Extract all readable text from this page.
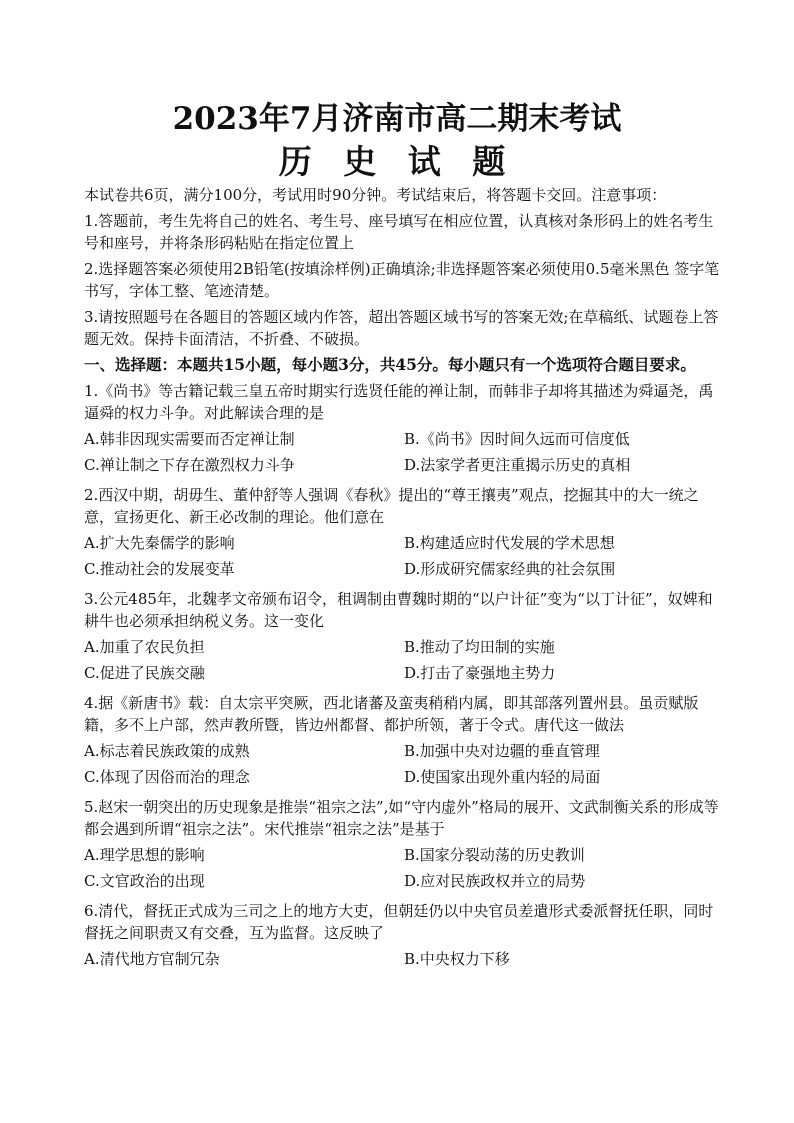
2023年7月济南市高二期末考试
历 史 试 题

本试卷共6页，满分100分，考试用时90分钟。考试结束后，将答题卡交回。注意事项：

1.答题前，考生先将自己的姓名、考生号、座号填写在相应位置，认真核对条形码上的姓名考生号和座号，并将条形码粘贴在指定位置上

2.选择题答案必须使用2B铅笔(按填涂样例)正确填涂;非选择题答案必须使用0.5毫米黑色 签字笔书写，字体工整、笔迹清楚。

3.请按照题号在各题目的答题区域内作答，超出答题区域书写的答案无效;在草稿纸、试题卷上答题无效。保持卡面清洁，不折叠、不破损。

一、选择题：本题共15小题，每小题3分，共45分。每小题只有一个选项符合题目要求。

1.《尚书》等古籍记载三皇五帝时期实行选贤任能的禅让制，而韩非子却将其描述为舜逼尧，禹逼舜的权力斗争。对此解读合理的是

A.韩非因现实需要而否定禅让制	B.《尚书》因时间久远而可信度低
C.禅让制之下存在激烈权力斗争	D.法家学者更注重揭示历史的真相

2.西汉中期，胡毋生、董仲舒等人强调《春秋》提出的“尊王攘夷”观点，挖掘其中的大一统之意，宣扬更化、新王必改制的理论。他们意在

A.扩大先秦儒学的影响	B.构建适应时代发展的学术思想
C.推动社会的发展变革	D.形成研究儒家经典的社会氛围

3.公元485年，北魏孝文帝颁布诏令，租调制由曹魏时期的“以户计征”变为“以丁计征”，奴婢和耕牛也必须承担纳税义务。这一变化

A.加重了农民负担	B.推动了均田制的实施
C.促进了民族交融	D.打击了豪强地主势力

4.据《新唐书》载：自太宗平突厥，西北诸蕃及蛮夷稍稍内属，即其部落列置州县。虽贡赋版籍，多不上户部，然声教所暨，皆边州都督、都护所领，著于令式。唐代这一做法

A.标志着民族政策的成熟	B.加强中央对边疆的垂直管理
C.体现了因俗而治的理念	D.使国家出现外重内轻的局面

5.赵宋一朝突出的历史现象是推崇“祖宗之法”,如“守内虚外”格局的展开、文武制衡关系的形成等都会遇到所谓“祖宗之法”。宋代推崇“祖宗之法”是基于

A.理学思想的影响	B.国家分裂动荡的历史教训
C.文官政治的出现	D.应对民族政权并立的局势

6.清代，督抚正式成为三司之上的地方大吏，但朝廷仍以中央官员差遣形式委派督抚任职，同时督抚之间职责又有交叠，互为监督。这反映了

A.清代地方官制冗杂	B.中央权力下移
